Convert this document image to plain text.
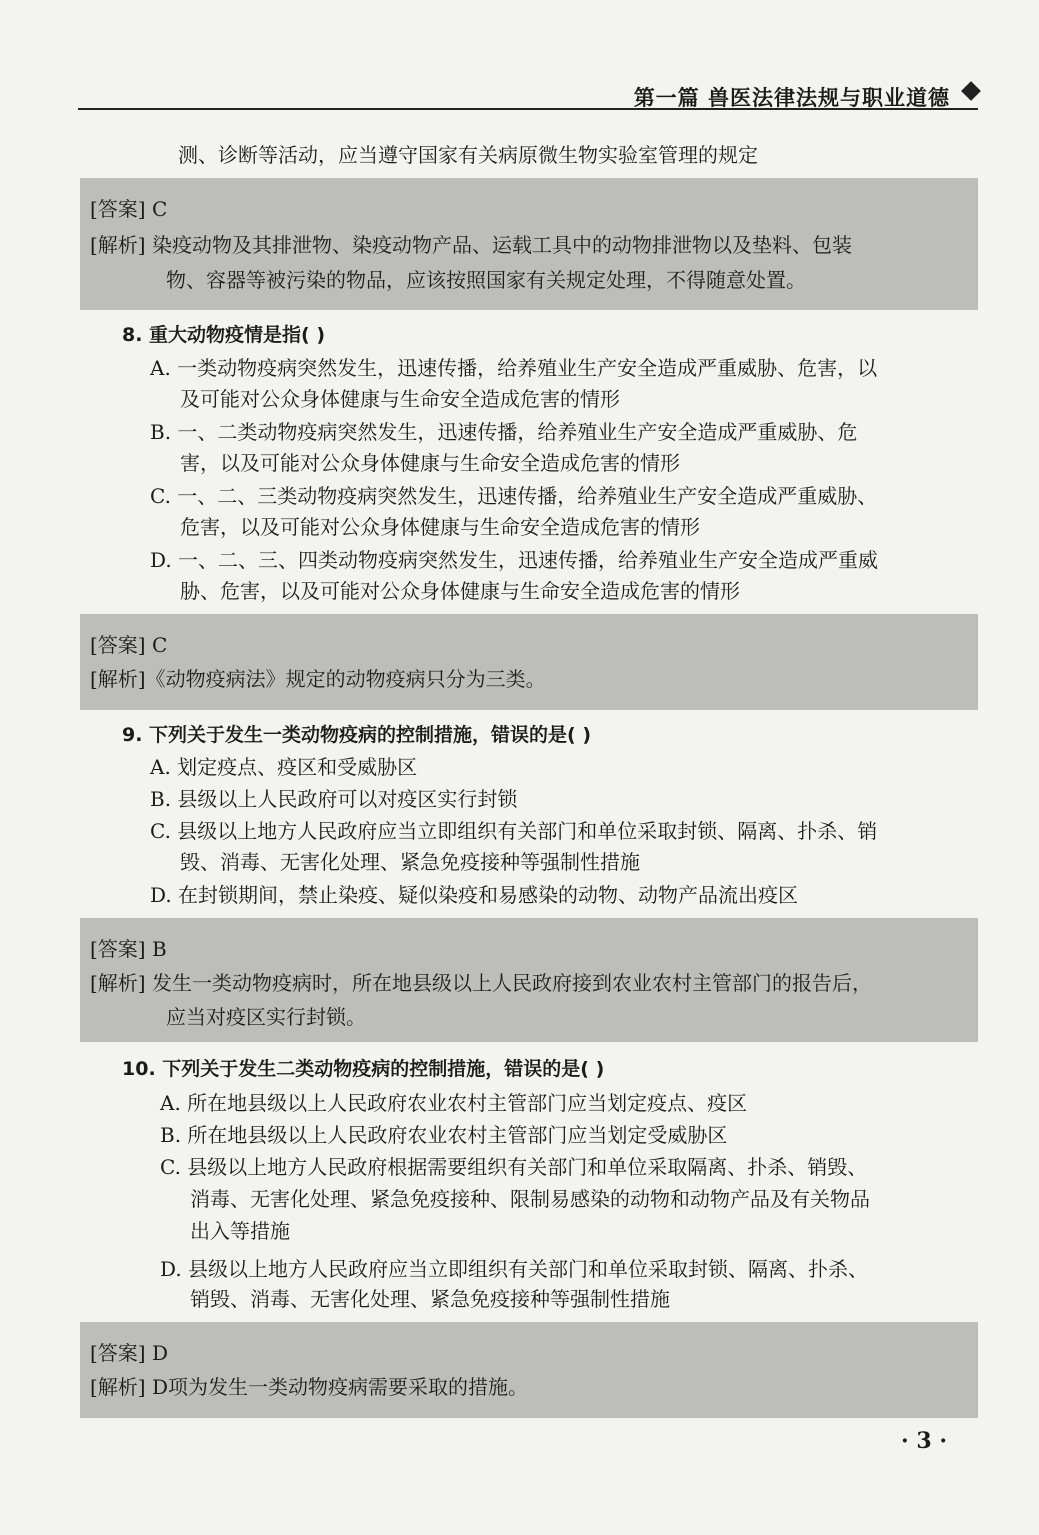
第一篇 兽医法律法规与职业道德
测、诊断等活动，应当遵守国家有关病原微生物实验室管理的规定
[答案] C
[解析] 染疫动物及其排泄物、染疫动物产品、运载工具中的动物排泄物以及垫料、包装
物、容器等被污染的物品，应该按照国家有关规定处理，不得随意处置。
8. 重大动物疫情是指( )
A. 一类动物疫病突然发生，迅速传播，给养殖业生产安全造成严重威胁、危害，以
及可能对公众身体健康与生命安全造成危害的情形
B. 一、二类动物疫病突然发生，迅速传播，给养殖业生产安全造成严重威胁、危
害，以及可能对公众身体健康与生命安全造成危害的情形
C. 一、二、三类动物疫病突然发生，迅速传播，给养殖业生产安全造成严重威胁、
危害，以及可能对公众身体健康与生命安全造成危害的情形
D. 一、二、三、四类动物疫病突然发生，迅速传播，给养殖业生产安全造成严重威
胁、危害，以及可能对公众身体健康与生命安全造成危害的情形
[答案] C
[解析]《动物疫病法》规定的动物疫病只分为三类。
9. 下列关于发生一类动物疫病的控制措施，错误的是( )
A. 划定疫点、疫区和受威胁区
B. 县级以上人民政府可以对疫区实行封锁
C. 县级以上地方人民政府应当立即组织有关部门和单位采取封锁、隔离、扑杀、销
毁、消毒、无害化处理、紧急免疫接种等强制性措施
D. 在封锁期间，禁止染疫、疑似染疫和易感染的动物、动物产品流出疫区
[答案] B
[解析] 发生一类动物疫病时，所在地县级以上人民政府接到农业农村主管部门的报告后，
应当对疫区实行封锁。
10. 下列关于发生二类动物疫病的控制措施，错误的是( )
A. 所在地县级以上人民政府农业农村主管部门应当划定疫点、疫区
B. 所在地县级以上人民政府农业农村主管部门应当划定受威胁区
C. 县级以上地方人民政府根据需要组织有关部门和单位采取隔离、扑杀、销毁、
消毒、无害化处理、紧急免疫接种、限制易感染的动物和动物产品及有关物品
出入等措施
D. 县级以上地方人民政府应当立即组织有关部门和单位采取封锁、隔离、扑杀、
销毁、消毒、无害化处理、紧急免疫接种等强制性措施
[答案] D
[解析] D项为发生一类动物疫病需要采取的措施。
· 3 ·
